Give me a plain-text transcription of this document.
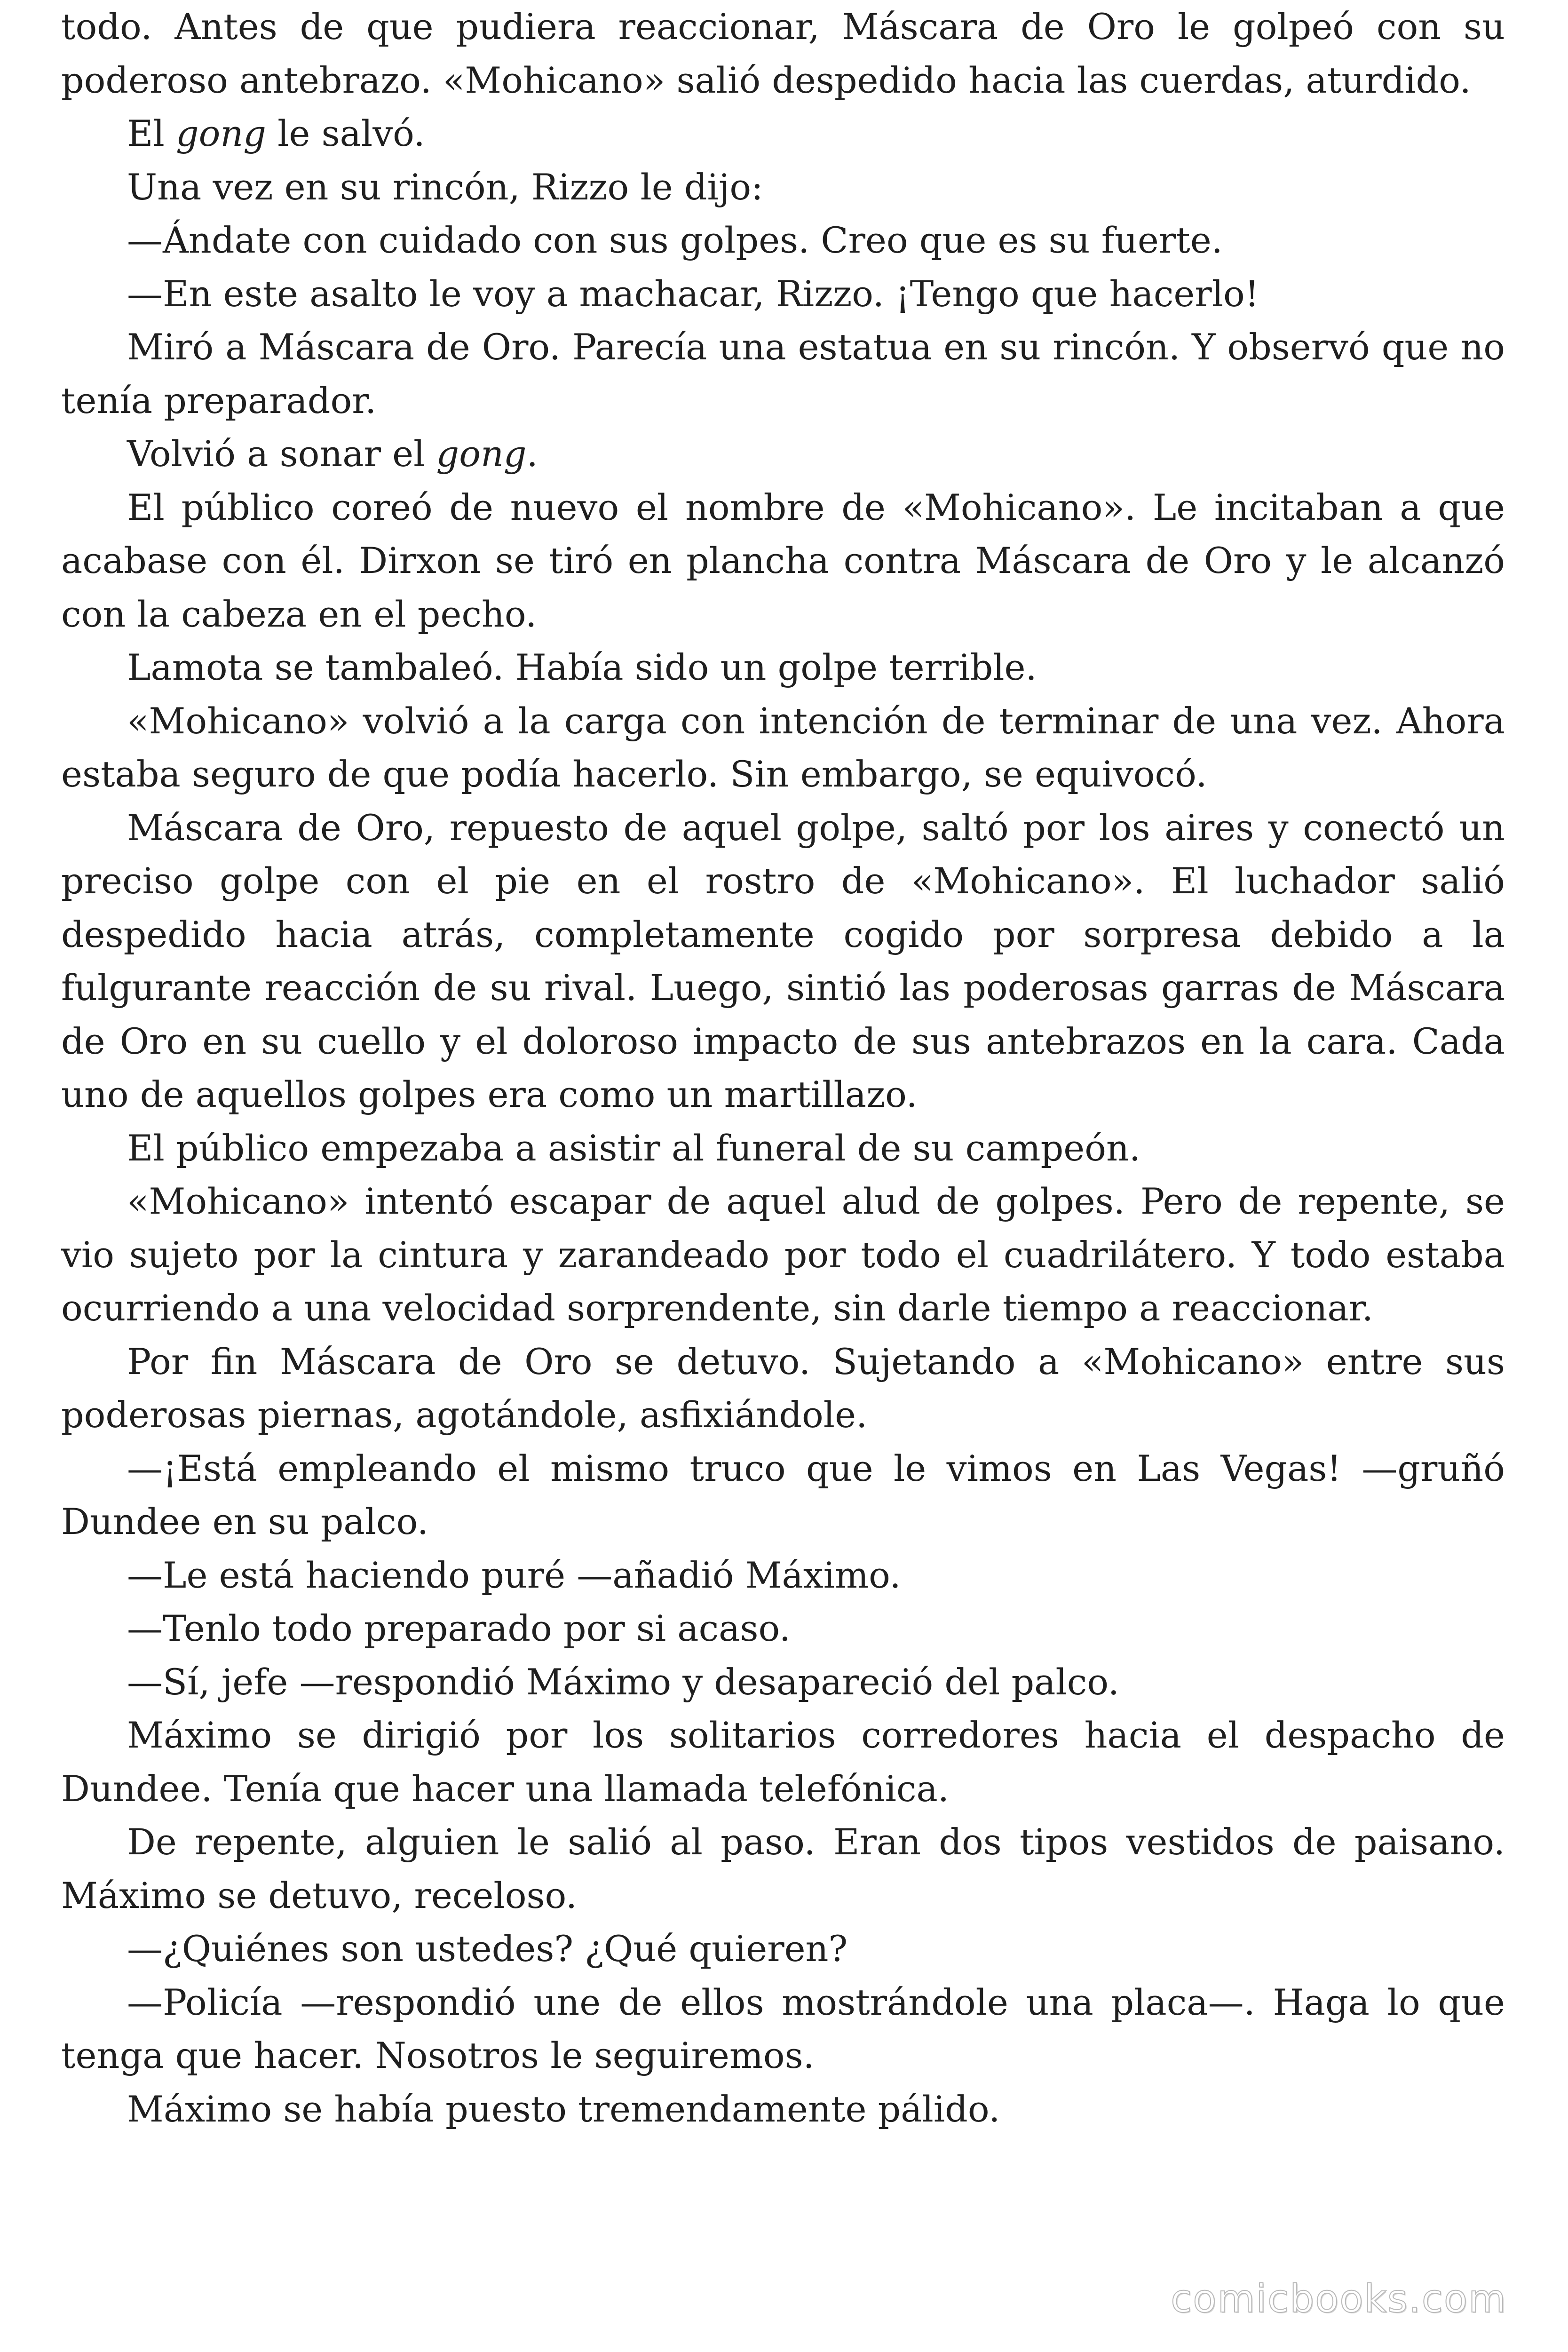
todo. Antes de que pudiera reaccionar, Máscara de Oro le golpeó con su poderoso antebrazo. «Mohicano» salió despedido hacia las cuerdas, aturdido.

El gong le salvó.

Una vez en su rincón, Rizzo le dijo:

—Ándate con cuidado con sus golpes. Creo que es su fuerte.

—En este asalto le voy a machacar, Rizzo. ¡Tengo que hacerlo!

Miró a Máscara de Oro. Parecía una estatua en su rincón. Y observó que no tenía preparador.

Volvió a sonar el gong.

El público coreó de nuevo el nombre de «Mohicano». Le incitaban a que acabase con él. Dirxon se tiró en plancha contra Máscara de Oro y le alcanzó con la cabeza en el pecho.

Lamota se tambaleó. Había sido un golpe terrible.

«Mohicano» volvió a la carga con intención de terminar de una vez. Ahora estaba seguro de que podía hacerlo. Sin embargo, se equivocó.

Máscara de Oro, repuesto de aquel golpe, saltó por los aires y conectó un preciso golpe con el pie en el rostro de «Mohicano». El luchador salió despedido hacia atrás, completamente cogido por sorpresa debido a la fulgurante reacción de su rival. Luego, sintió las poderosas garras de Máscara de Oro en su cuello y el doloroso impacto de sus antebrazos en la cara. Cada uno de aquellos golpes era como un martillazo.

El público empezaba a asistir al funeral de su campeón.

«Mohicano» intentó escapar de aquel alud de golpes. Pero de repente, se vio sujeto por la cintura y zarandeado por todo el cuadrilátero. Y todo estaba ocurriendo a una velocidad sorprendente, sin darle tiempo a reaccionar.

Por fin Máscara de Oro se detuvo. Sujetando a «Mohicano» entre sus poderosas piernas, agotándole, asfixiándole.

—¡Está empleando el mismo truco que le vimos en Las Vegas! —gruñó Dundee en su palco.

—Le está haciendo puré —añadió Máximo.

—Tenlo todo preparado por si acaso.

—Sí, jefe —respondió Máximo y desapareció del palco.

Máximo se dirigió por los solitarios corredores hacia el despacho de Dundee. Tenía que hacer una llamada telefónica.

De repente, alguien le salió al paso. Eran dos tipos vestidos de paisano. Máximo se detuvo, receloso.

—¿Quiénes son ustedes? ¿Qué quieren?

—Policía —respondió une de ellos mostrándole una placa—. Haga lo que tenga que hacer. Nosotros le seguiremos.

Máximo se había puesto tremendamente pálido.

comicbooks.com
